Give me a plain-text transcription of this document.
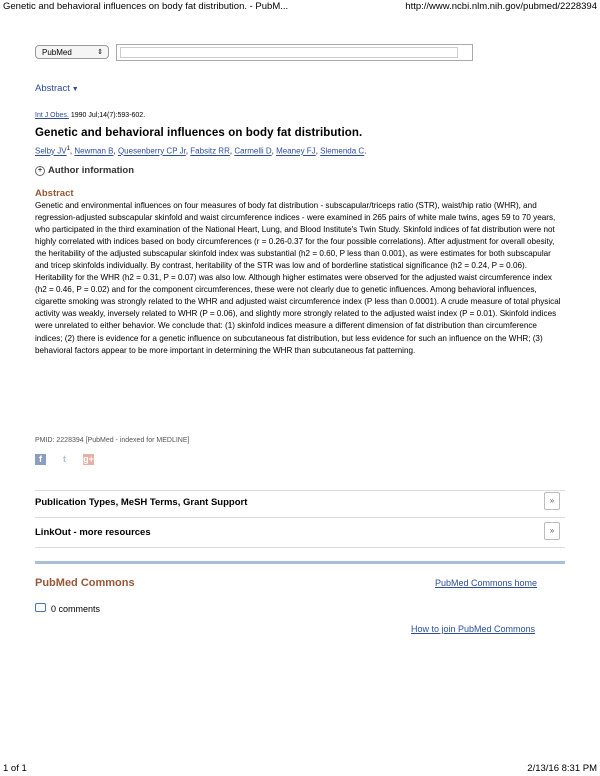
Genetic and behavioral influences on body fat distribution. - PubM...	http://www.ncbi.nlm.nih.gov/pubmed/2228394
PubMed	⇕
Abstract ▼
Int J Obes. 1990 Jul;14(7):593-602.
Genetic and behavioral influences on body fat distribution.
Selby $JV^1$, Newman B, Quesenberry CP Jr, Fabsitz RR, Carmelli D, Meaney FJ, Slemenda C.
+ Author information
Abstract
Genetic and environmental influences on four measures of body fat distribution - subscapular/triceps ratio (STR), waist/hip ratio (WHR), and regression-adjusted subscapular skinfold and waist circumference indices - were examined in 265 pairs of white male twins, ages 59 to 70 years, who participated in the third examination of the National Heart, Lung, and Blood Institute's Twin Study. Skinfold indices of fat distribution were not highly correlated with indices based on body circumferences (r = 0.26-0.37 for the four possible correlations). After adjustment for overall obesity, the heritability of the adjusted subscapular skinfold index was substantial (h2 = 0.60, P less than 0.001), as were estimates for both subscapular and tricep skinfolds individually. By contrast, heritability of the STR was low and of borderline statistical significance (h2 = 0.24, P = 0.06). Heritability for the WHR (h2 = 0.31, P = 0.07) was also low. Although higher estimates were observed for the adjusted waist circumference index (h2 = 0.46, P = 0.02) and for the component circumferences, these were not clearly due to genetic influences. Among behavioral influences, cigarette smoking was strongly related to the WHR and adjusted waist circumference index (P less than 0.0001). A crude measure of total physical activity was weakly, inversely related to WHR (P = 0.06), and slightly more strongly related to the adjusted waist index (P = 0.01). Skinfold indices were unrelated to either behavior. We conclude that: (1) skinfold indices measure a different dimension of fat distribution than circumference indices; (2) there is evidence for a genetic influence on subcutaneous fat distribution, but less evidence for such an influence on the WHR; (3) behavioral factors appear to be more important in determining the WHR than subcutaneous fat patterning.
PMID: 2228394 [PubMed - indexed for MEDLINE]
f t g+
Publication Types, MeSH Terms, Grant Support	»
LinkOut - more resources	»
PubMed Commons	PubMed Commons home
0 comments
How to join PubMed Commons
1 of 1	2/13/16 8:31 PM
